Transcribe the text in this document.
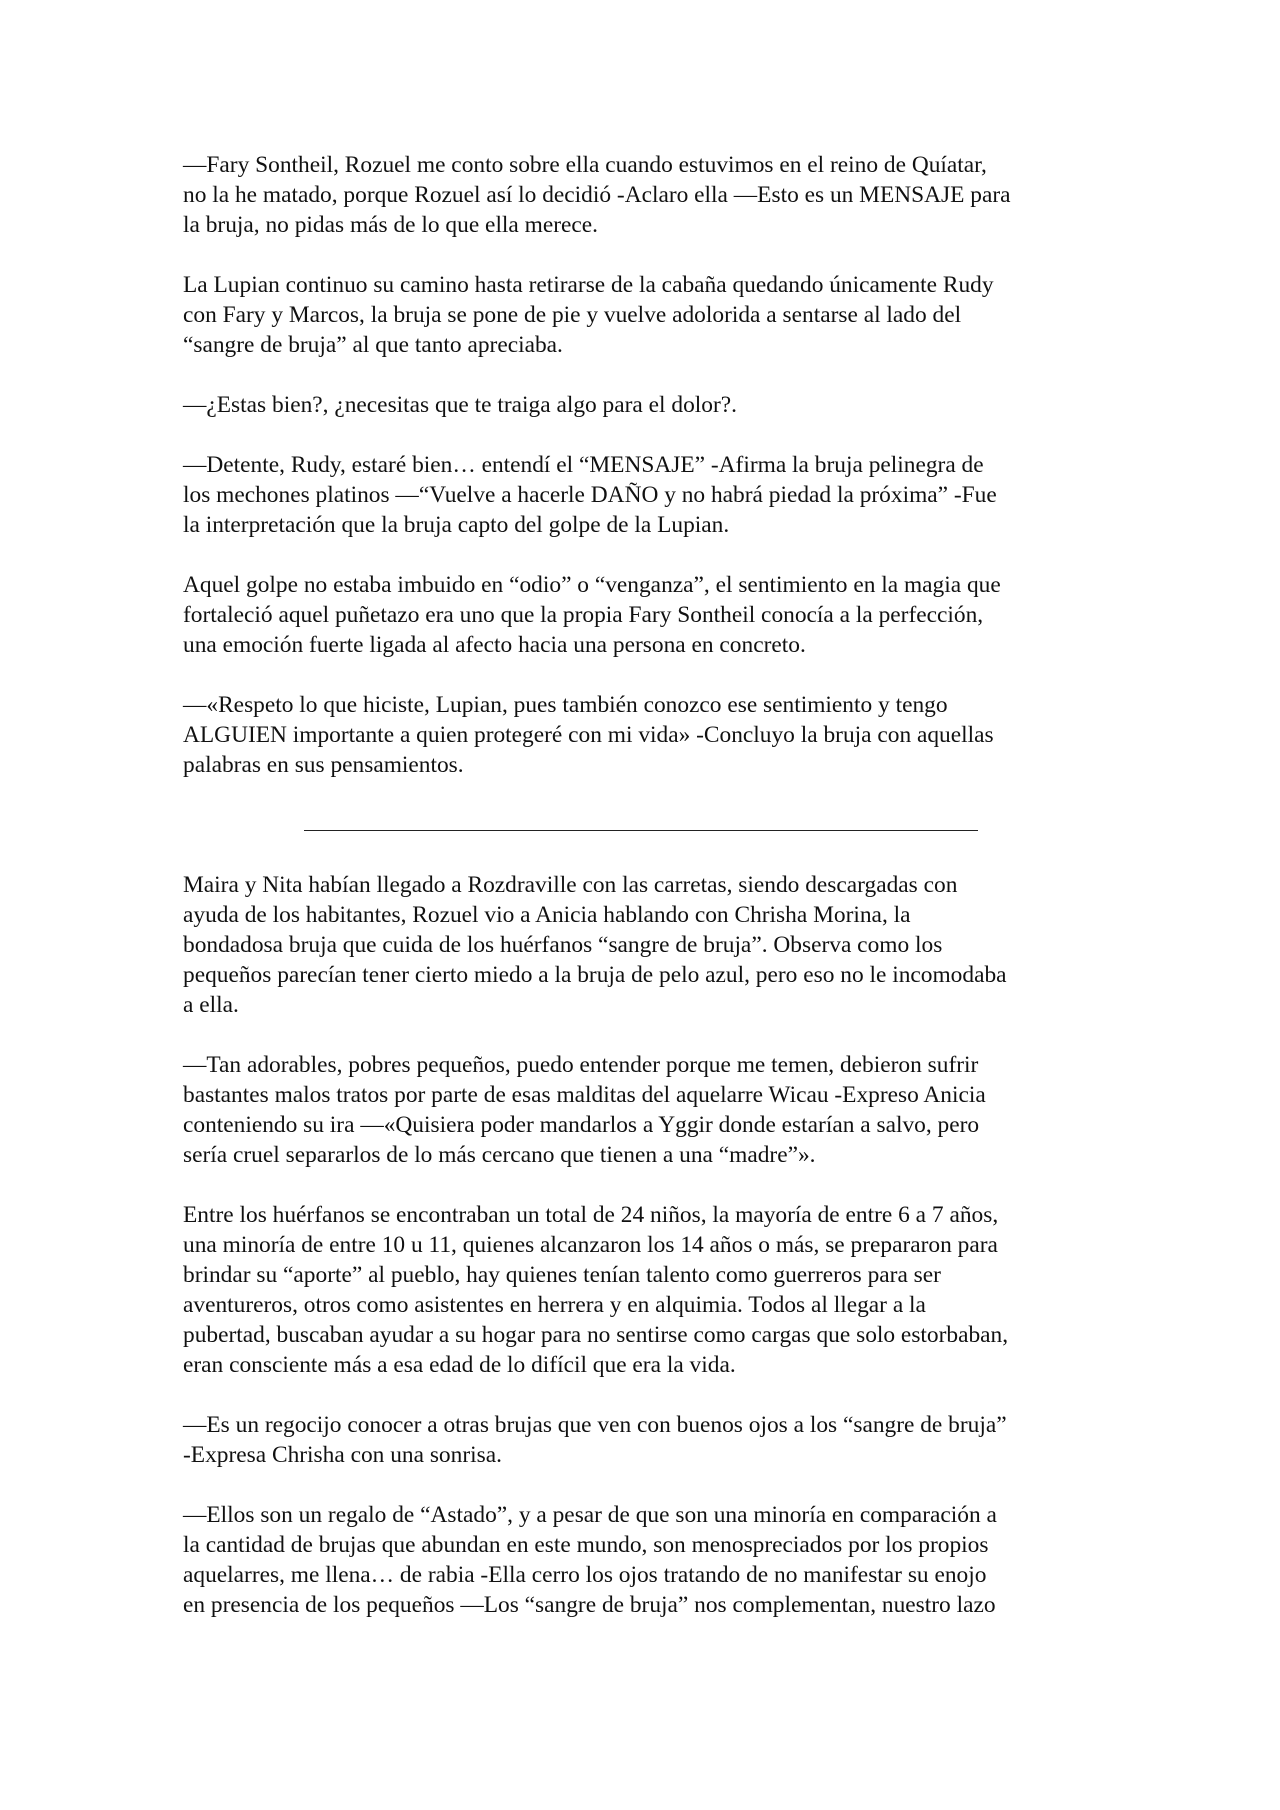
—Fary Sontheil, Rozuel me conto sobre ella cuando estuvimos en el reino de Quíatar,
no la he matado, porque Rozuel así lo decidió -Aclaro ella —Esto es un MENSAJE para
la bruja, no pidas más de lo que ella merece.

La Lupian continuo su camino hasta retirarse de la cabaña quedando únicamente Rudy
con Fary y Marcos, la bruja se pone de pie y vuelve adolorida a sentarse al lado del
“sangre de bruja” al que tanto apreciaba.

—¿Estas bien?, ¿necesitas que te traiga algo para el dolor?.

—Detente, Rudy, estaré bien… entendí el “MENSAJE” -Afirma la bruja pelinegra de
los mechones platinos —“Vuelve a hacerle DAÑO y no habrá piedad la próxima” -Fue
la interpretación que la bruja capto del golpe de la Lupian.

Aquel golpe no estaba imbuido en “odio” o “venganza”, el sentimiento en la magia que
fortaleció aquel puñetazo era uno que la propia Fary Sontheil conocía a la perfección,
una emoción fuerte ligada al afecto hacia una persona en concreto.

—«Respeto lo que hiciste, Lupian, pues también conozco ese sentimiento y tengo
ALGUIEN importante a quien protegeré con mi vida» -Concluyo la bruja con aquellas
palabras en sus pensamientos.

Maira y Nita habían llegado a Rozdraville con las carretas, siendo descargadas con
ayuda de los habitantes, Rozuel vio a Anicia hablando con Chrisha Morina, la
bondadosa bruja que cuida de los huérfanos “sangre de bruja”. Observa como los
pequeños parecían tener cierto miedo a la bruja de pelo azul, pero eso no le incomodaba
a ella.

—Tan adorables, pobres pequeños, puedo entender porque me temen, debieron sufrir
bastantes malos tratos por parte de esas malditas del aquelarre Wicau -Expreso Anicia
conteniendo su ira —«Quisiera poder mandarlos a Yggir donde estarían a salvo, pero
sería cruel separarlos de lo más cercano que tienen a una “madre”».

Entre los huérfanos se encontraban un total de 24 niños, la mayoría de entre 6 a 7 años,
una minoría de entre 10 u 11, quienes alcanzaron los 14 años o más, se prepararon para
brindar su “aporte” al pueblo, hay quienes tenían talento como guerreros para ser
aventureros, otros como asistentes en herrera y en alquimia. Todos al llegar a la
pubertad, buscaban ayudar a su hogar para no sentirse como cargas que solo estorbaban,
eran consciente más a esa edad de lo difícil que era la vida.

—Es un regocijo conocer a otras brujas que ven con buenos ojos a los “sangre de bruja”
-Expresa Chrisha con una sonrisa.

—Ellos son un regalo de “Astado”, y a pesar de que son una minoría en comparación a
la cantidad de brujas que abundan en este mundo, son menospreciados por los propios
aquelarres, me llena… de rabia -Ella cerro los ojos tratando de no manifestar su enojo
en presencia de los pequeños —Los “sangre de bruja” nos complementan, nuestro lazo
